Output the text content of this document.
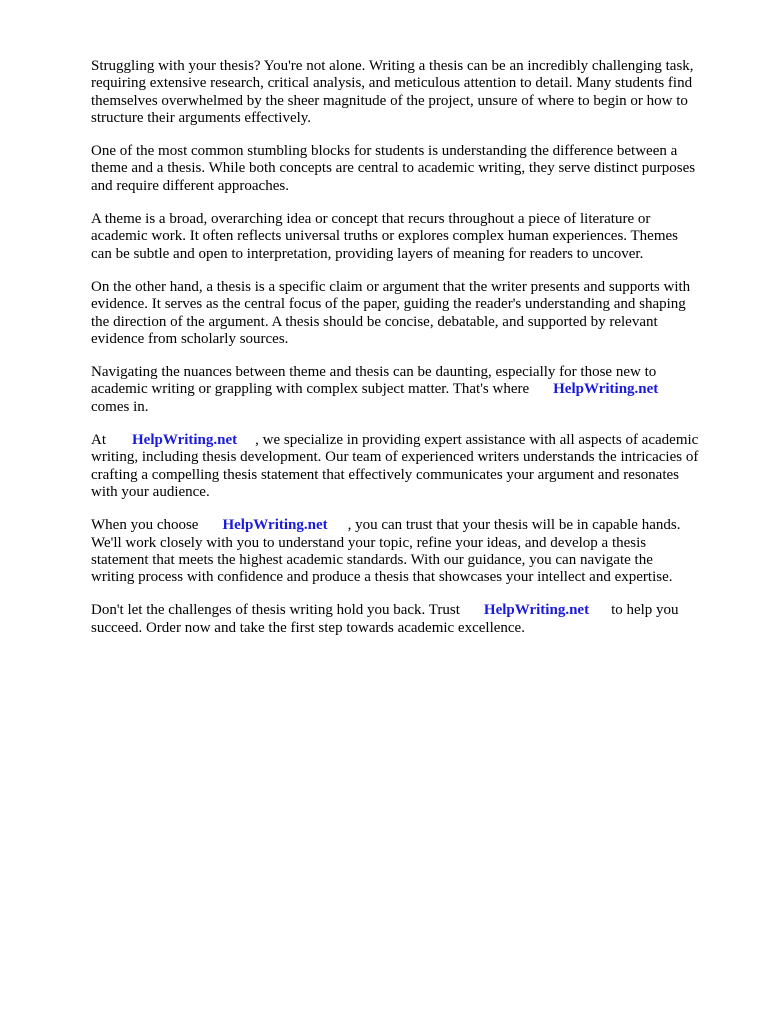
Struggling with your thesis? You're not alone. Writing a thesis can be an incredibly challenging task,
requiring extensive research, critical analysis, and meticulous attention to detail. Many students find
themselves overwhelmed by the sheer magnitude of the project, unsure of where to begin or how to
structure their arguments effectively.

One of the most common stumbling blocks for students is understanding the difference between a
theme and a thesis. While both concepts are central to academic writing, they serve distinct purposes
and require different approaches.

A theme is a broad, overarching idea or concept that recurs throughout a piece of literature or
academic work. It often reflects universal truths or explores complex human experiences. Themes
can be subtle and open to interpretation, providing layers of meaning for readers to uncover.

On the other hand, a thesis is a specific claim or argument that the writer presents and supports with
evidence. It serves as the central focus of the paper, guiding the reader's understanding and shaping
the direction of the argument. A thesis should be concise, debatable, and supported by relevant
evidence from scholarly sources.

Navigating the nuances between theme and thesis can be daunting, especially for those new to
academic writing or grappling with complex subject matter. That's where HelpWriting.net
comes in.

At HelpWriting.net , we specialize in providing expert assistance with all aspects of academic
writing, including thesis development. Our team of experienced writers understands the intricacies of
crafting a compelling thesis statement that effectively communicates your argument and resonates
with your audience.

When you choose HelpWriting.net , you can trust that your thesis will be in capable hands.
We'll work closely with you to understand your topic, refine your ideas, and develop a thesis
statement that meets the highest academic standards. With our guidance, you can navigate the
writing process with confidence and produce a thesis that showcases your intellect and expertise.

Don't let the challenges of thesis writing hold you back. Trust HelpWriting.net to help you
succeed. Order now and take the first step towards academic excellence.
